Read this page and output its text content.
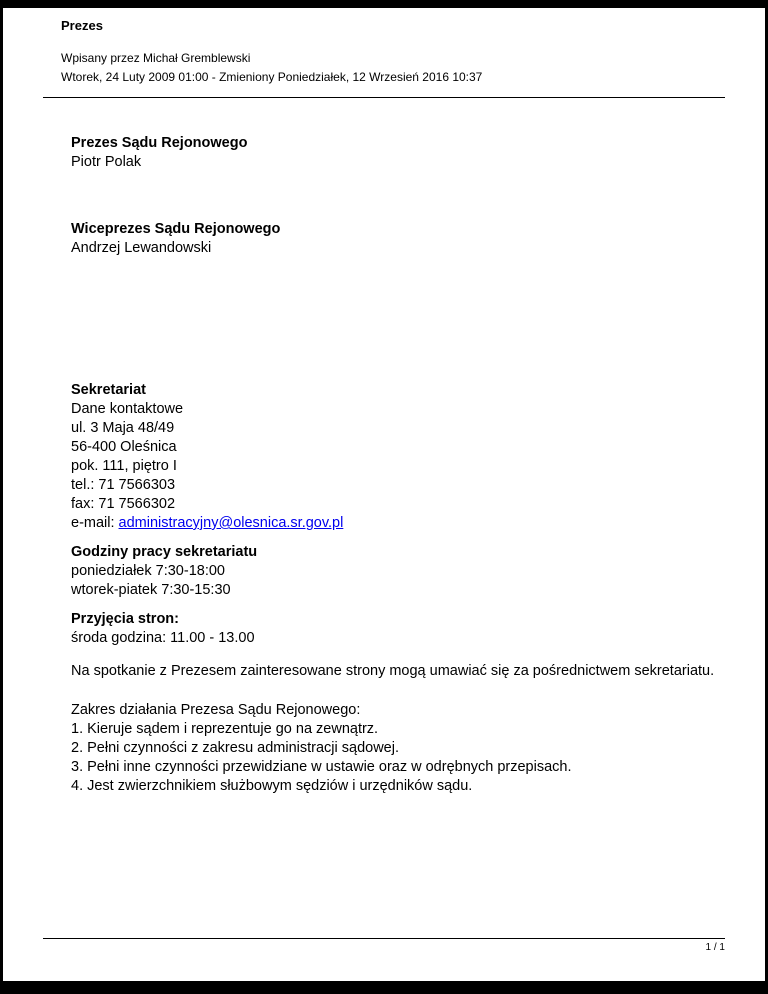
Prezes

Wpisany przez Michał Gremblewski

Wtorek, 24 Luty 2009 01:00 - Zmieniony Poniedziałek, 12 Wrzesień 2016 10:37

Prezes Sądu Rejonowego

Piotr Polak

Wiceprezes Sądu Rejonowego

Andrzej Lewandowski

Sekretariat

Dane kontaktowe

ul. 3 Maja 48/49

56-400 Oleśnica

pok. 111, piętro I

tel.: 71 7566303

fax: 71 7566302

e-mail: administracyjny@olesnica.sr.gov.pl

Godziny pracy sekretariatu

poniedziałek 7:30-18:00

wtorek-piatek 7:30-15:30

Przyjęcia stron:

środa godzina: 11.00 - 13.00

Na spotkanie z Prezesem zainteresowane strony mogą umawiać się za pośrednictwem sekretariatu.

Zakres działania Prezesa Sądu Rejonowego:

1. Kieruje sądem i reprezentuje go na zewnątrz.

2. Pełni czynności z zakresu administracji sądowej.

3. Pełni inne czynności przewidziane w ustawie oraz w odrębnych przepisach.

4. Jest zwierzchnikiem służbowym sędziów i urzędników sądu.

1 / 1
